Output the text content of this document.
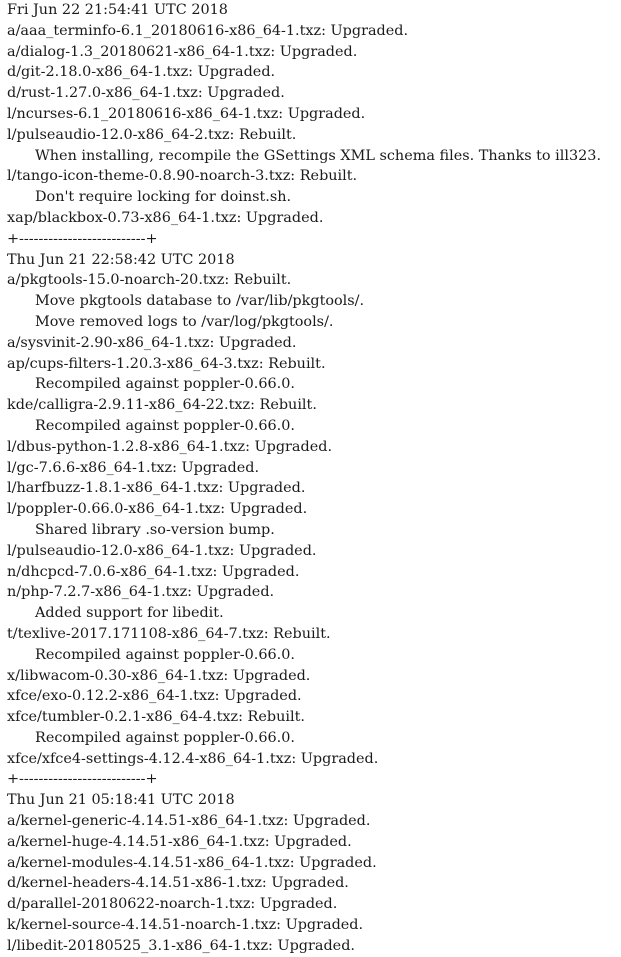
Fri Jun 22 21:54:41 UTC 2018
a/aaa_terminfo-6.1_20180616-x86_64-1.txz: Upgraded.
a/dialog-1.3_20180621-x86_64-1.txz: Upgraded.
d/git-2.18.0-x86_64-1.txz: Upgraded.
d/rust-1.27.0-x86_64-1.txz: Upgraded.
l/ncurses-6.1_20180616-x86_64-1.txz: Upgraded.
l/pulseaudio-12.0-x86_64-2.txz: Rebuilt.
When installing, recompile the GSettings XML schema files. Thanks to ill323.
l/tango-icon-theme-0.8.90-noarch-3.txz: Rebuilt.
Don't require locking for doinst.sh.
xap/blackbox-0.73-x86_64-1.txz: Upgraded.
+--------------------------+
Thu Jun 21 22:58:42 UTC 2018
a/pkgtools-15.0-noarch-20.txz: Rebuilt.
Move pkgtools database to /var/lib/pkgtools/.
Move removed logs to /var/log/pkgtools/.
a/sysvinit-2.90-x86_64-1.txz: Upgraded.
ap/cups-filters-1.20.3-x86_64-3.txz: Rebuilt.
Recompiled against poppler-0.66.0.
kde/calligra-2.9.11-x86_64-22.txz: Rebuilt.
Recompiled against poppler-0.66.0.
l/dbus-python-1.2.8-x86_64-1.txz: Upgraded.
l/gc-7.6.6-x86_64-1.txz: Upgraded.
l/harfbuzz-1.8.1-x86_64-1.txz: Upgraded.
l/poppler-0.66.0-x86_64-1.txz: Upgraded.
Shared library .so-version bump.
l/pulseaudio-12.0-x86_64-1.txz: Upgraded.
n/dhcpcd-7.0.6-x86_64-1.txz: Upgraded.
n/php-7.2.7-x86_64-1.txz: Upgraded.
Added support for libedit.
t/texlive-2017.171108-x86_64-7.txz: Rebuilt.
Recompiled against poppler-0.66.0.
x/libwacom-0.30-x86_64-1.txz: Upgraded.
xfce/exo-0.12.2-x86_64-1.txz: Upgraded.
xfce/tumbler-0.2.1-x86_64-4.txz: Rebuilt.
Recompiled against poppler-0.66.0.
xfce/xfce4-settings-4.12.4-x86_64-1.txz: Upgraded.
+--------------------------+
Thu Jun 21 05:18:41 UTC 2018
a/kernel-generic-4.14.51-x86_64-1.txz: Upgraded.
a/kernel-huge-4.14.51-x86_64-1.txz: Upgraded.
a/kernel-modules-4.14.51-x86_64-1.txz: Upgraded.
d/kernel-headers-4.14.51-x86-1.txz: Upgraded.
d/parallel-20180622-noarch-1.txz: Upgraded.
k/kernel-source-4.14.51-noarch-1.txz: Upgraded.
l/libedit-20180525_3.1-x86_64-1.txz: Upgraded.
